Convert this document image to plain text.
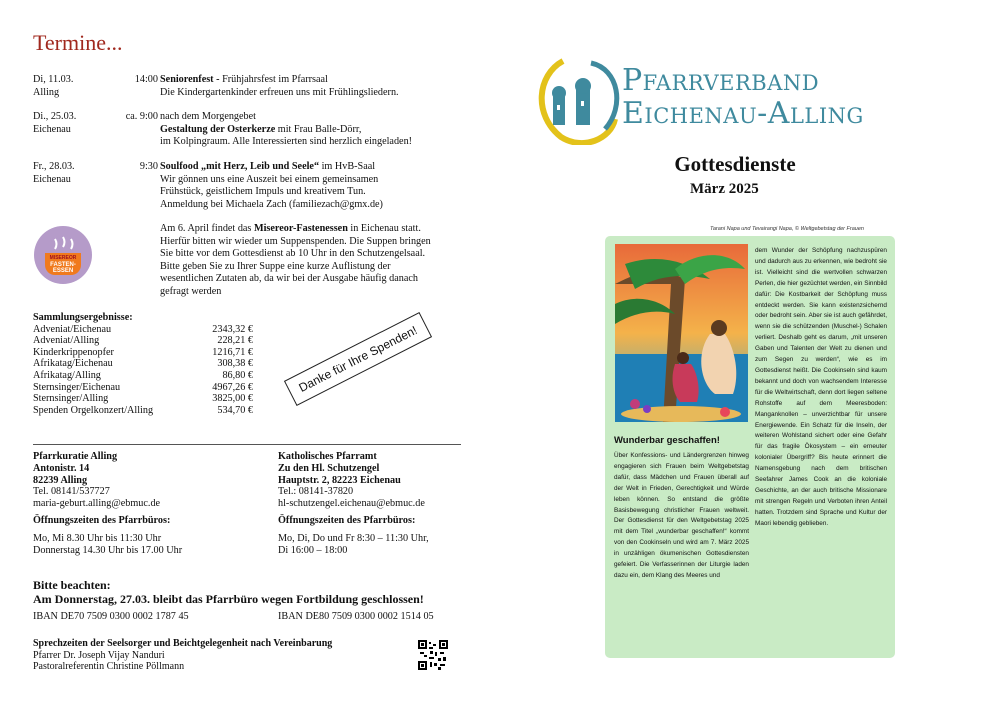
Termine...
Di, 11.03.
Alling
14:00 Seniorenfest - Frühjahrsfest im Pfarrsaal
Die Kindergartenkinder erfreuen uns mit Frühlingsliedern.
Di., 25.03.
Eichenau
ca. 9:00 nach dem Morgengebet
Gestaltung der Osterkerze mit Frau Balle-Dörr,
im Kolpingraum. Alle Interessierten sind herzlich eingeladen!
Fr., 28.03.
Eichenau
9:30 Soulfood „mit Herz, Leib und Seele“ im HvB-Saal
Wir gönnen uns eine Auszeit bei einem gemeinsamen
Frühstück, geistlichem Impuls und kreativem Tun.
Anmeldung bei Michaela Zach (familiezach@gmx.de)
MISEREOR
FASTEN-
ESSEN
Am 6. April findet das Misereor-Fastenessen in Eichenau statt.
Hierfür bitten wir wieder um Suppenspenden. Die Suppen bringen
Sie bitte vor dem Gottesdienst ab 10 Uhr in den Schutzengelsaal.
Bitte geben Sie zu Ihrer Suppe eine kurze Auflistung der
wesentlichen Zutaten ab, da wir bei der Ausgabe häufig danach
gefragt werden
Sammlungsergebnisse:
Adveniat/Eichenau	2343,32 €
Adveniat/Alling	228,21 €
Kinderkrippenopfer	1216,71 €
Afrikatag/Eichenau	308,38 €
Afrikatag/Alling	86,80 €
Sternsinger/Eichenau	4967,26 €
Sternsinger/Alling	3825,00 €
Spenden Orgelkonzert/Alling	534,70 €
Danke für Ihre Spenden!
Pfarrkuratie Alling
Antonistr. 14
82239 Alling
Tel. 08141/537727
maria-geburt.alling@ebmuc.de

Öffnungszeiten des Pfarrbüros:

Mo, Mi 8.30 Uhr bis 11:30 Uhr
Donnerstag 14.30 Uhr bis 17.00 Uhr
Katholisches Pfarramt
Zu den Hl. Schutzengel
Hauptstr. 2, 82223 Eichenau
Tel.: 08141-37820
hl-schutzengel.eichenau@ebmuc.de

Öffnungszeiten des Pfarrbüros:

Mo, Di, Do und Fr 8:30 – 11:30 Uhr,
Di 16:00 – 18:00
Bitte beachten:
Am Donnerstag, 27.03. bleibt das Pfarrbüro wegen Fortbildung geschlossen!
IBAN DE70 7509 0300 0002 1787 45	IBAN DE80 7509 0300 0002 1514 05
Sprechzeiten der Seelsorger und Beichtgelegenheit nach Vereinbarung
Pfarrer Dr. Joseph Vijay Nanduri
Pastoralreferentin Christine Pöllmann
Pfarrverband
Eichenau-Alling
Gottesdienste
März 2025
Tarani Napa und Tevairangi Napa, © Weltgebetstag der Frauen
dem Wunder der Schöpfung nachzuspüren und dadurch aus zu erkennen, wie bedroht sie ist. Vielleicht sind die wertvollen schwarzen Perlen, die hier gezüchtet werden, ein Sinnbild dafür: Die Kostbarkeit der Schöpfung muss entdeckt werden. Sie kann existenzsichernd oder bedroht sein. Aber sie ist auch gefährdet, wenn sie die schützenden (Muschel-) Schalen verliert. Deshalb geht es darum, „mit unseren Gaben und Talenten der Welt zu dienen und zum Segen zu werden“, wie es im Gottesdienst heißt. Die Cookinseln sind kaum bekannt und doch von wachsendem Interesse für die Weltwirtschaft, denn dort liegen seltene Rohstoffe auf dem Meeresboden: Manganknollen – unverzichtbar für unsere Energiewende. Ein Schatz für die Inseln, der weiteren Wohlstand sichert oder eine Gefahr für das fragile Ökosystem – ein erneuter kolonialer Übergriff? Bis heute erinnert die Namensgebung nach dem britischen Seefahrer James Cook an die koloniale Geschichte, an der auch britische Missionare mit strengen Regeln und Verboten ihren Anteil hatten. Trotzdem sind Sprache und Kultur der Maori lebendig geblieben.
Wunderbar geschaffen!
Über Konfessions- und Ländergrenzen hinweg engagieren sich Frauen beim Weltgebetstag dafür, dass Mädchen und Frauen überall auf der Welt in Frieden, Gerechtigkeit und Würde leben können. So entstand die größte Basisbewegung christlicher Frauen weltweit. Der Gottesdienst für den Weltgebetstag 2025 mit dem Titel „wunderbar geschaffen!“ kommt von den Cookinseln und wird am 7. März 2025 in unzähligen ökumenischen Gottesdiensten gefeiert. Die Verfasserinnen der Liturgie laden dazu ein, dem Klang des Meeres und
